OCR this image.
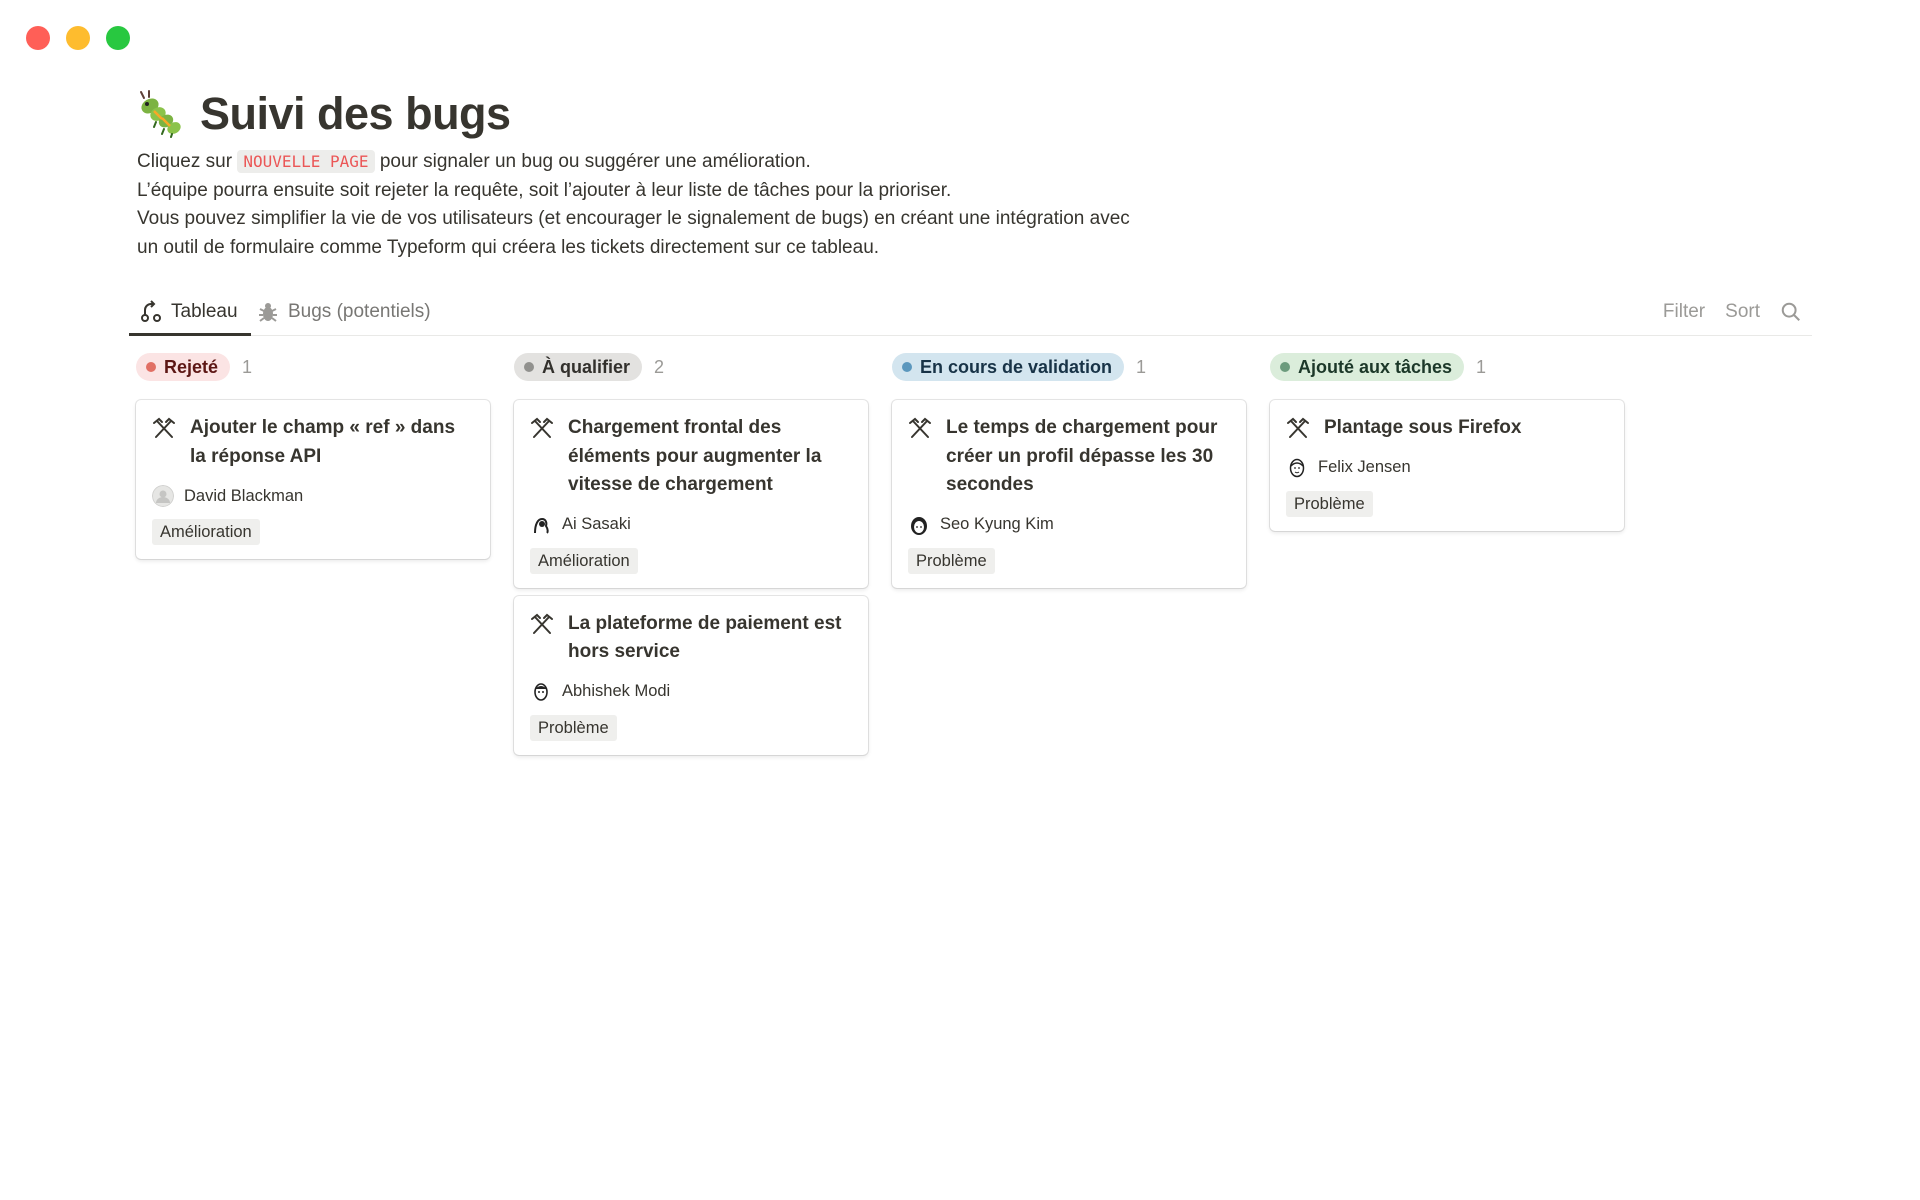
Suivi des bugs
Cliquez sur NOUVELLE PAGE pour signaler un bug ou suggérer une amélioration.
L’équipe pourra ensuite soit rejeter la requête, soit l’ajouter à leur liste de tâches pour la prioriser.
Vous pouvez simplifier la vie de vos utilisateurs (et encourager le signalement de bugs) en créant une intégration avec
un outil de formulaire comme Typeform qui créera les tickets directement sur ce tableau.
Tableau	Bugs (potentiels)	Filter Sort
Rejeté 1
Ajouter le champ « ref » dans la réponse API
David Blackman
Amélioration
À qualifier 2
Chargement frontal des éléments pour augmenter la vitesse de chargement
Ai Sasaki
Amélioration
La plateforme de paiement est hors service
Abhishek Modi
Problème
En cours de validation 1
Le temps de chargement pour créer un profil dépasse les 30 secondes
Seo Kyung Kim
Problème
Ajouté aux tâches 1
Plantage sous Firefox
Felix Jensen
Problème
